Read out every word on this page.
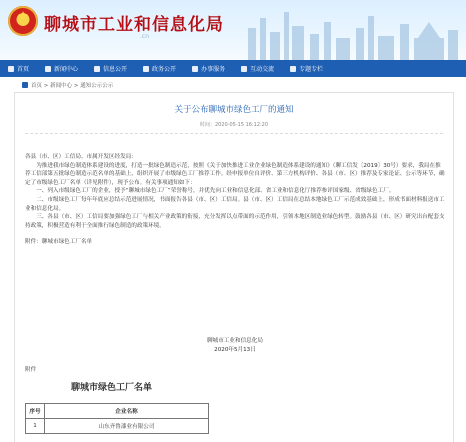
★
聊城市工业和信息化局
.cn
首页	新闻中心	信息公开	政务公开	办事服务	互动交流	专题专栏
首页 > 新闻中心 > 通知公示公示
关于公布聊城市绿色工厂的通知
时间：2020-05-15 16:12:20

各县（市、区）工信局、市属开发区经发局：

为推进我市绿色制造体系建设的进度，打造一批绿色制造示范，按照《关于加快推进工业企业绿色制造体系建设的通知》（聊工信发〔2019〕30号）要求，我局在推荐工信部第五批绿色制造示范名单的基础上，组织开展了市级绿色工厂推荐工作。经申报单位自评价、第三方机构评价、各县（市、区）推荐及专家论证、公示等环节，确定了市级绿色工厂名单（详见附件），现予公布。有关事项通知如下：

一、列入市级绿色工厂的企业，授予“聊城市绿色工厂”荣誉称号，并优先向工业和信息化部、省工业和信息化厅推荐参评国家级、省级绿色工厂。

二、市级绿色工厂每年年底应总结示范进展情况，书面报告各县（市、区）工信局。县（市、区）工信局在总结本地绿色工厂示范成效基础上，形成书面材料报送市工业和信息化局。

三、各县（市、区）工信局要加强绿色工厂与相关产业政策的衔接，充分发挥以点带面的示范作用，引领本地区制造业绿色转型。鼓励各县（市、区）研究出台配套支持政策，积极营造有利于全面推行绿色制造的政策环境。

附件：聊城市绿色工厂名单

聊城市工业和信息化局
2020年5月13日
附件
聊城市绿色工厂名单
序号	企业名称
1	山东齐鲁漆业有限公司
